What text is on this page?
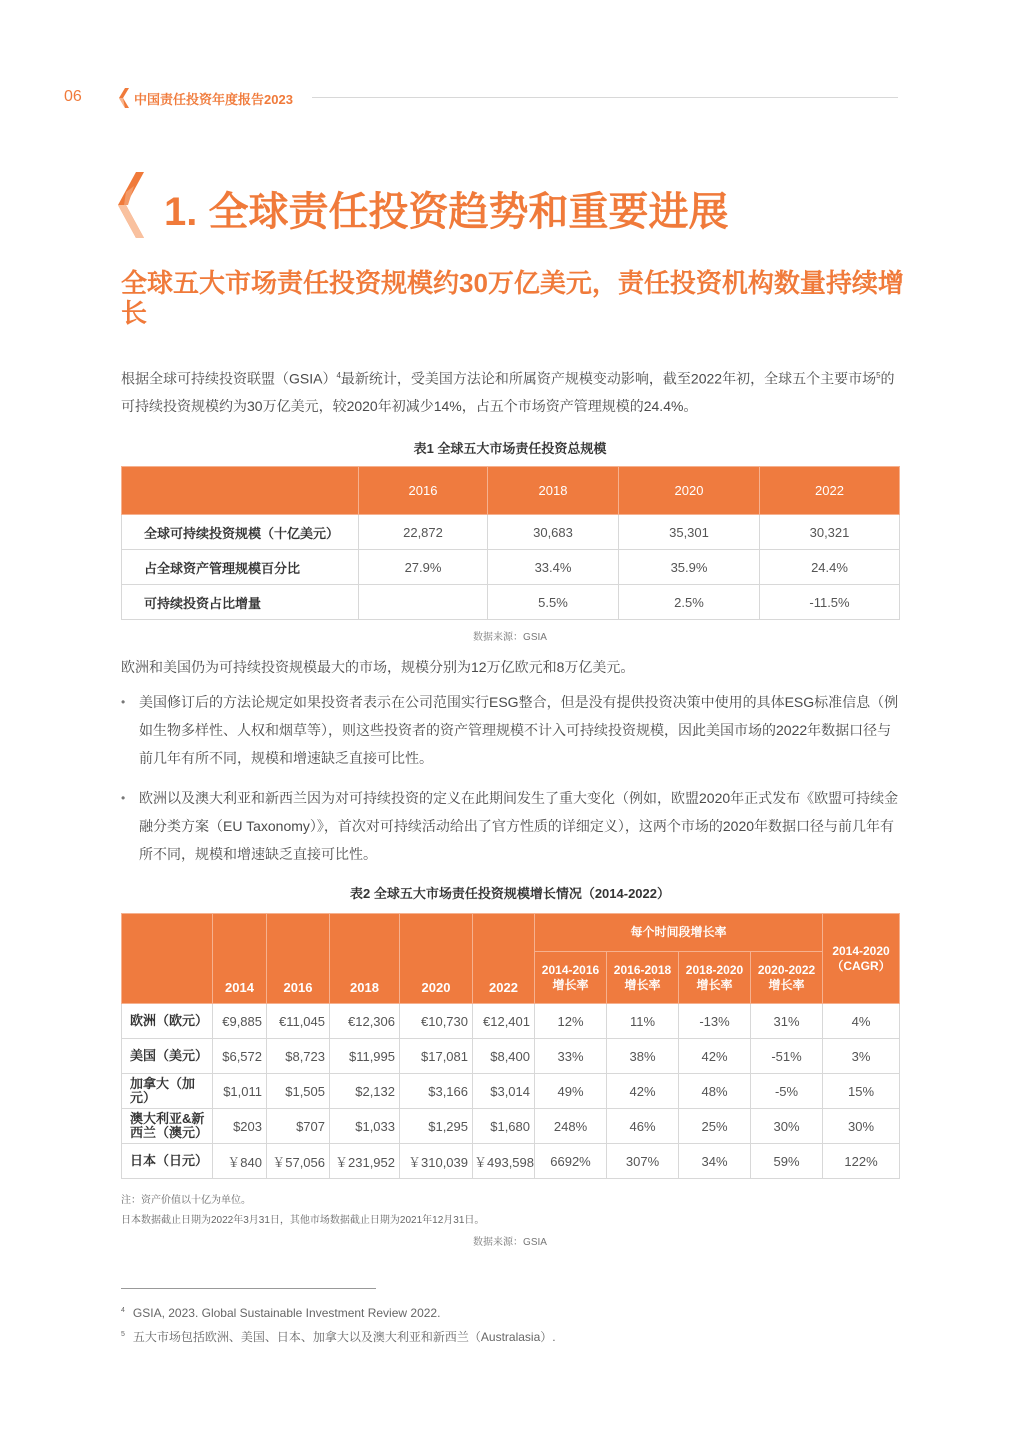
06	中国责任投资年度报告2023
1. 全球责任投资趋势和重要进展
全球五大市场责任投资规模约30万亿美元，责任投资机构数量持续增长
根据全球可持续投资联盟（GSIA）$^4$最新统计，受美国方法论和所属资产规模变动影响，截至2022年初，全球五个主要市场$^5$的可持续投资规模约为30万亿美元，较2020年初减少14%，占五个市场资产管理规模的24.4%。
表1 全球五大市场责任投资总规模
	2016	2018	2020	2022
全球可持续投资规模（十亿美元）	22,872	30,683	35,301	30,321
占全球资产管理规模百分比	27.9%	33.4%	35.9%	24.4%
可持续投资占比增量		5.5%	2.5%	-11.5%
数据来源：GSIA
欧洲和美国仍为可持续投资规模最大的市场，规模分别为12万亿欧元和8万亿美元。
• 美国修订后的方法论规定如果投资者表示在公司范围实行ESG整合，但是没有提供投资决策中使用的具体ESG标准信息（例如生物多样性、人权和烟草等），则这些投资者的资产管理规模不计入可持续投资规模，因此美国市场的2022年数据口径与前几年有所不同，规模和增速缺乏直接可比性。
• 欧洲以及澳大利亚和新西兰因为对可持续投资的定义在此期间发生了重大变化（例如，欧盟2020年正式发布《欧盟可持续金融分类方案（EU Taxonomy）》，首次对可持续活动给出了官方性质的详细定义），这两个市场的2020年数据口径与前几年有所不同，规模和增速缺乏直接可比性。
表2 全球五大市场责任投资规模增长情况（2014-2022）
	2014	2016	2018	2020	2022	每个时间段增长率				2014-2020 （CAGR）
						2014-2016 增长率	2016-2018 增长率	2018-2020 增长率	2020-2022 增长率	
欧洲（欧元）	€9,885	€11,045	€12,306	€10,730	€12,401	12%	11%	-13%	31%	4%
美国（美元）	$6,572	$8,723	$11,995	$17,081	$8,400	33%	38%	42%	-51%	3%
加拿大（加元）	$1,011	$1,505	$2,132	$3,166	$3,014	49%	42%	48%	-5%	15%
澳大利亚&新西兰（澳元）	$203	$707	$1,033	$1,295	$1,680	248%	46%	25%	30%	30%
日本（日元）	￥840	￥57,056	￥231,952	￥310,039	￥493,598	6692%	307%	34%	59%	122%
注：资产价值以十亿为单位。
日本数据截止日期为2022年3月31日，其他市场数据截止日期为2021年12月31日。
数据来源：GSIA
$^4$ GSIA, 2023. Global Sustainable Investment Review 2022.
$^5$ 五大市场包括欧洲、美国、日本、加拿大以及澳大利亚和新西兰（Australasia）.
